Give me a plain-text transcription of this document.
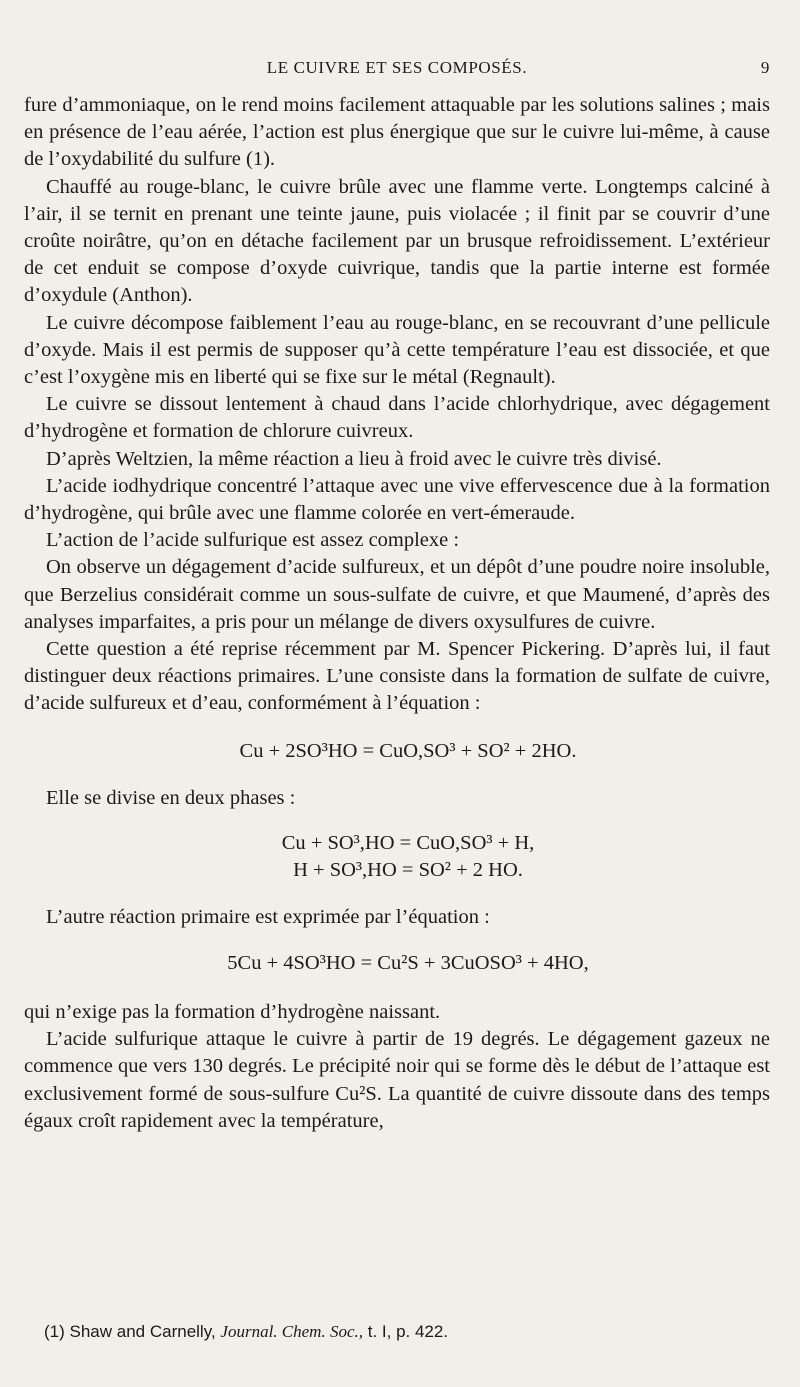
LE CUIVRE ET SES COMPOSÉS.	9

fure d’ammoniaque, on le rend moins facilement attaquable par les solutions salines ; mais en présence de l’eau aérée, l’action est plus énergique que sur le cuivre lui-même, à cause de l’oxydabilité du sulfure (1).

Chauffé au rouge-blanc, le cuivre brûle avec une flamme verte. Longtemps calciné à l’air, il se ternit en prenant une teinte jaune, puis violacée ; il finit par se couvrir d’une croûte noirâtre, qu’on en détache facilement par un brusque refroidissement. L’extérieur de cet enduit se compose d’oxyde cuivrique, tandis que la partie interne est formée d’oxydule (Anthon).

Le cuivre décompose faiblement l’eau au rouge-blanc, en se recouvrant d’une pellicule d’oxyde. Mais il est permis de supposer qu’à cette température l’eau est dissociée, et que c’est l’oxygène mis en liberté qui se fixe sur le métal (Regnault).

Le cuivre se dissout lentement à chaud dans l’acide chlorhydrique, avec dégagement d’hydrogène et formation de chlorure cuivreux.

D’après Weltzien, la même réaction a lieu à froid avec le cuivre très divisé.

L’acide iodhydrique concentré l’attaque avec une vive effervescence due à la formation d’hydrogène, qui brûle avec une flamme colorée en vert-émeraude.

L’action de l’acide sulfurique est assez complexe :

On observe un dégagement d’acide sulfureux, et un dépôt d’une poudre noire insoluble, que Berzelius considérait comme un sous-sulfate de cuivre, et que Maumené, d’après des analyses imparfaites, a pris pour un mélange de divers oxysulfures de cuivre.

Cette question a été reprise récemment par M. Spencer Pickering. D’après lui, il faut distinguer deux réactions primaires. L’une consiste dans la formation de sulfate de cuivre, d’acide sulfureux et d’eau, conformément à l’équation :

Cu + 2SO³HO = CuO,SO³ + SO² + 2HO.

Elle se divise en deux phases :

Cu + SO³,HO = CuO,SO³ + H,

H + SO³,HO = SO² + 2 HO.

L’autre réaction primaire est exprimée par l’équation :

5Cu + 4SO³HO = Cu²S + 3CuOSO³ + 4HO,

qui n’exige pas la formation d’hydrogène naissant.

L’acide sulfurique attaque le cuivre à partir de 19 degrés. Le dégagement gazeux ne commence que vers 130 degrés. Le précipité noir qui se forme dès le début de l’attaque est exclusivement formé de sous-sulfure Cu²S. La quantité de cuivre dissoute dans des temps égaux croît rapidement avec la température,

(1) Shaw and Carnelly, Journal. Chem. Soc., t. I, p. 422.
